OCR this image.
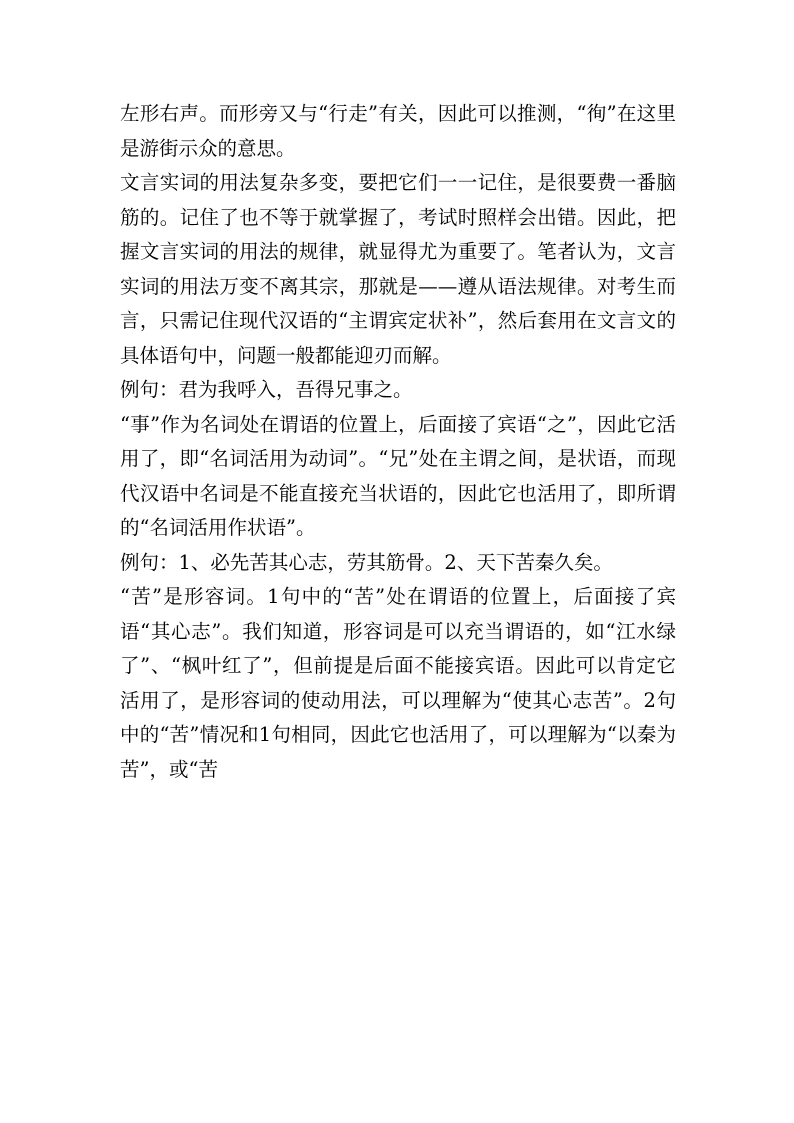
左形右声。而形旁又与“行走”有关，因此可以推测，“徇”在这里是游街示众的意思。

文言实词的用法复杂多变，要把它们一一记住，是很要费一番脑筋的。记住了也不等于就掌握了，考试时照样会出错。因此，把握文言实词的用法的规律，就显得尤为重要了。笔者认为，文言实词的用法万变不离其宗，那就是——遵从语法规律。对考生而言，只需记住现代汉语的“主谓宾定状补”，然后套用在文言文的具体语句中，问题一般都能迎刃而解。

例句：君为我呼入，吾得兄事之。

“事”作为名词处在谓语的位置上，后面接了宾语“之”，因此它活用了，即“名词活用为动词”。“兄”处在主谓之间，是状语，而现代汉语中名词是不能直接充当状语的，因此它也活用了，即所谓的“名词活用作状语”。

例句：1、必先苦其心志，劳其筋骨。2、天下苦秦久矣。

“苦”是形容词。1句中的“苦”处在谓语的位置上，后面接了宾语“其心志”。我们知道，形容词是可以充当谓语的，如“江水绿了”、“枫叶红了”，但前提是后面不能接宾语。因此可以肯定它活用了，是形容词的使动用法，可以理解为“使其心志苦”。2句中的“苦”情况和1句相同，因此它也活用了，可以理解为“以秦为苦”，或“苦
